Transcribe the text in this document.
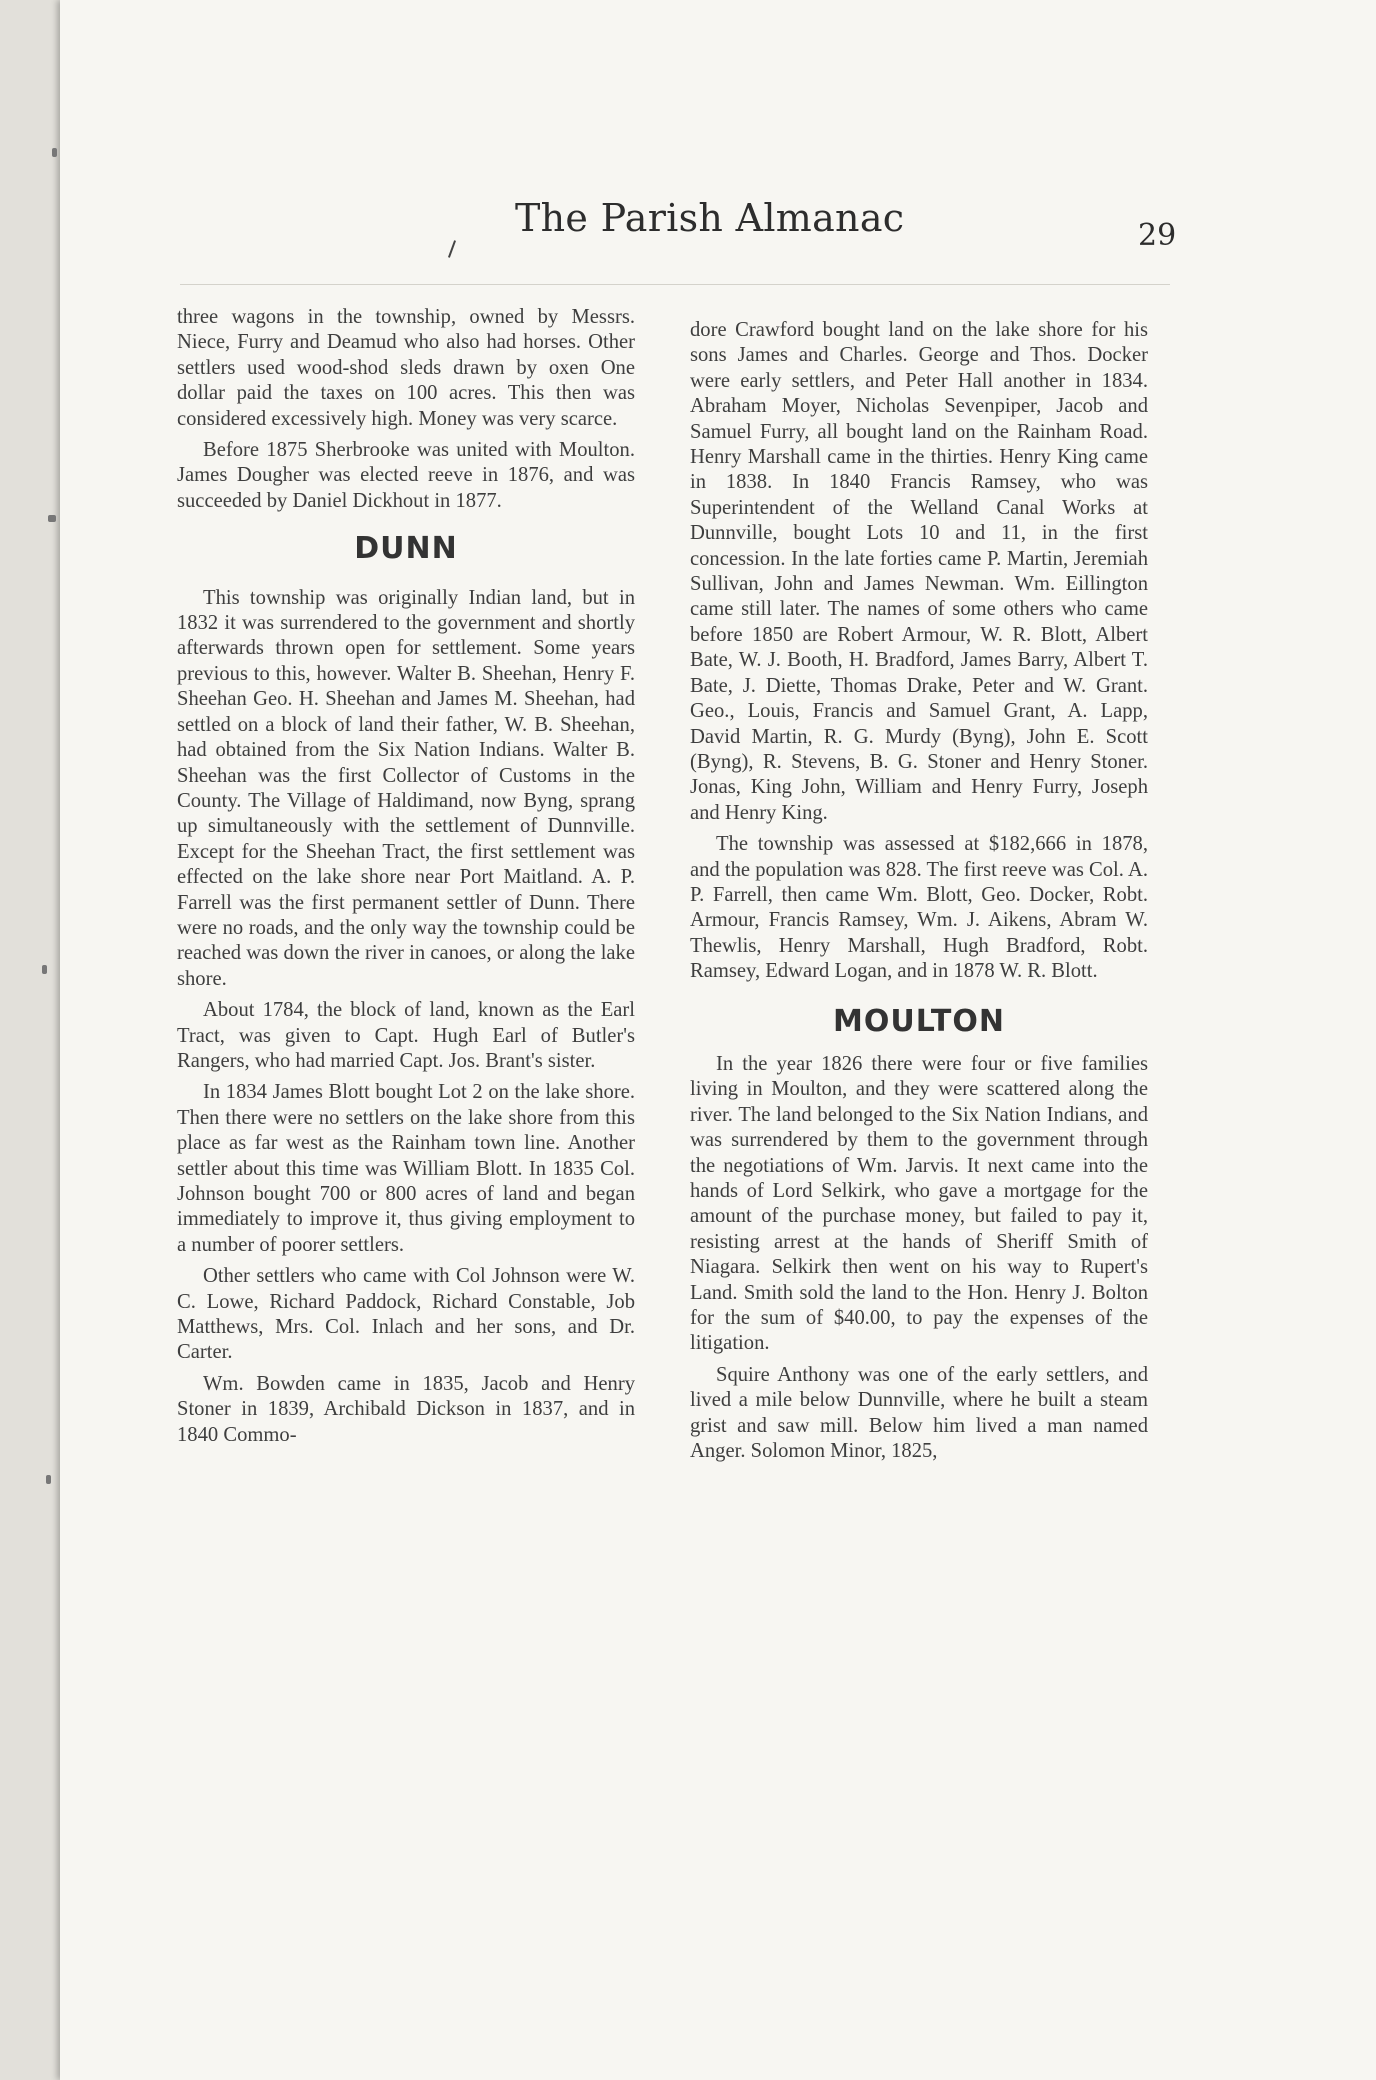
The Parish Almanac	29

three wagons in the township, owned by Messrs. Niece, Furry and Deamud who also had horses. Other settlers used wood-shod sleds drawn by oxen One dollar paid the taxes on 100 acres. This then was considered excessively high. Money was very scarce.

Before 1875 Sherbrooke was united with Moulton. James Dougher was elected reeve in 1876, and was succeeded by Daniel Dickhout in 1877.

DUNN

This township was originally Indian land, but in 1832 it was surrendered to the government and shortly afterwards thrown open for settlement. Some years previous to this, however. Walter B. Sheehan, Henry F. Sheehan Geo. H. Sheehan and James M. Sheehan, had settled on a block of land their father, W. B. Sheehan, had obtained from the Six Nation Indians. Walter B. Sheehan was the first Collector of Customs in the County. The Village of Haldimand, now Byng, sprang up simultaneously with the settlement of Dunnville. Except for the Sheehan Tract, the first settlement was effected on the lake shore near Port Maitland. A. P. Farrell was the first permanent settler of Dunn. There were no roads, and the only way the township could be reached was down the river in canoes, or along the lake shore.

About 1784, the block of land, known as the Earl Tract, was given to Capt. Hugh Earl of Butler's Rangers, who had married Capt. Jos. Brant's sister.

In 1834 James Blott bought Lot 2 on the lake shore. Then there were no settlers on the lake shore from this place as far west as the Rainham town line. Another settler about this time was William Blott. In 1835 Col. Johnson bought 700 or 800 acres of land and began immediately to improve it, thus giving employment to a number of poorer settlers.

Other settlers who came with Col Johnson were W. C. Lowe, Richard Paddock, Richard Constable, Job Matthews, Mrs. Col. Inlach and her sons, and Dr. Carter.

Wm. Bowden came in 1835, Jacob and Henry Stoner in 1839, Archibald Dickson in 1837, and in 1840 Commo-

dore Crawford bought land on the lake shore for his sons James and Charles. George and Thos. Docker were early settlers, and Peter Hall another in 1834. Abraham Moyer, Nicholas Sevenpiper, Jacob and Samuel Furry, all bought land on the Rainham Road. Henry Marshall came in the thirties. Henry King came in 1838. In 1840 Francis Ramsey, who was Superintendent of the Welland Canal Works at Dunnville, bought Lots 10 and 11, in the first concession. In the late forties came P. Martin, Jeremiah Sullivan, John and James Newman. Wm. Eillington came still later. The names of some others who came before 1850 are Robert Armour, W. R. Blott, Albert Bate, W. J. Booth, H. Bradford, James Barry, Albert T. Bate, J. Diette, Thomas Drake, Peter and W. Grant. Geo., Louis, Francis and Samuel Grant, A. Lapp, David Martin, R. G. Murdy (Byng), John E. Scott (Byng), R. Stevens, B. G. Stoner and Henry Stoner. Jonas, King John, William and Henry Furry, Joseph and Henry King.

The township was assessed at $182,666 in 1878, and the population was 828. The first reeve was Col. A. P. Farrell, then came Wm. Blott, Geo. Docker, Robt. Armour, Francis Ramsey, Wm. J. Aikens, Abram W. Thewlis, Henry Marshall, Hugh Bradford, Robt. Ramsey, Edward Logan, and in 1878 W. R. Blott.

MOULTON

In the year 1826 there were four or five families living in Moulton, and they were scattered along the river. The land belonged to the Six Nation Indians, and was surrendered by them to the government through the negotiations of Wm. Jarvis. It next came into the hands of Lord Selkirk, who gave a mortgage for the amount of the purchase money, but failed to pay it, resisting arrest at the hands of Sheriff Smith of Niagara. Selkirk then went on his way to Rupert's Land. Smith sold the land to the Hon. Henry J. Bolton for the sum of $40.00, to pay the expenses of the litigation.

Squire Anthony was one of the early settlers, and lived a mile below Dunnville, where he built a steam grist and saw mill. Below him lived a man named Anger. Solomon Minor, 1825,
